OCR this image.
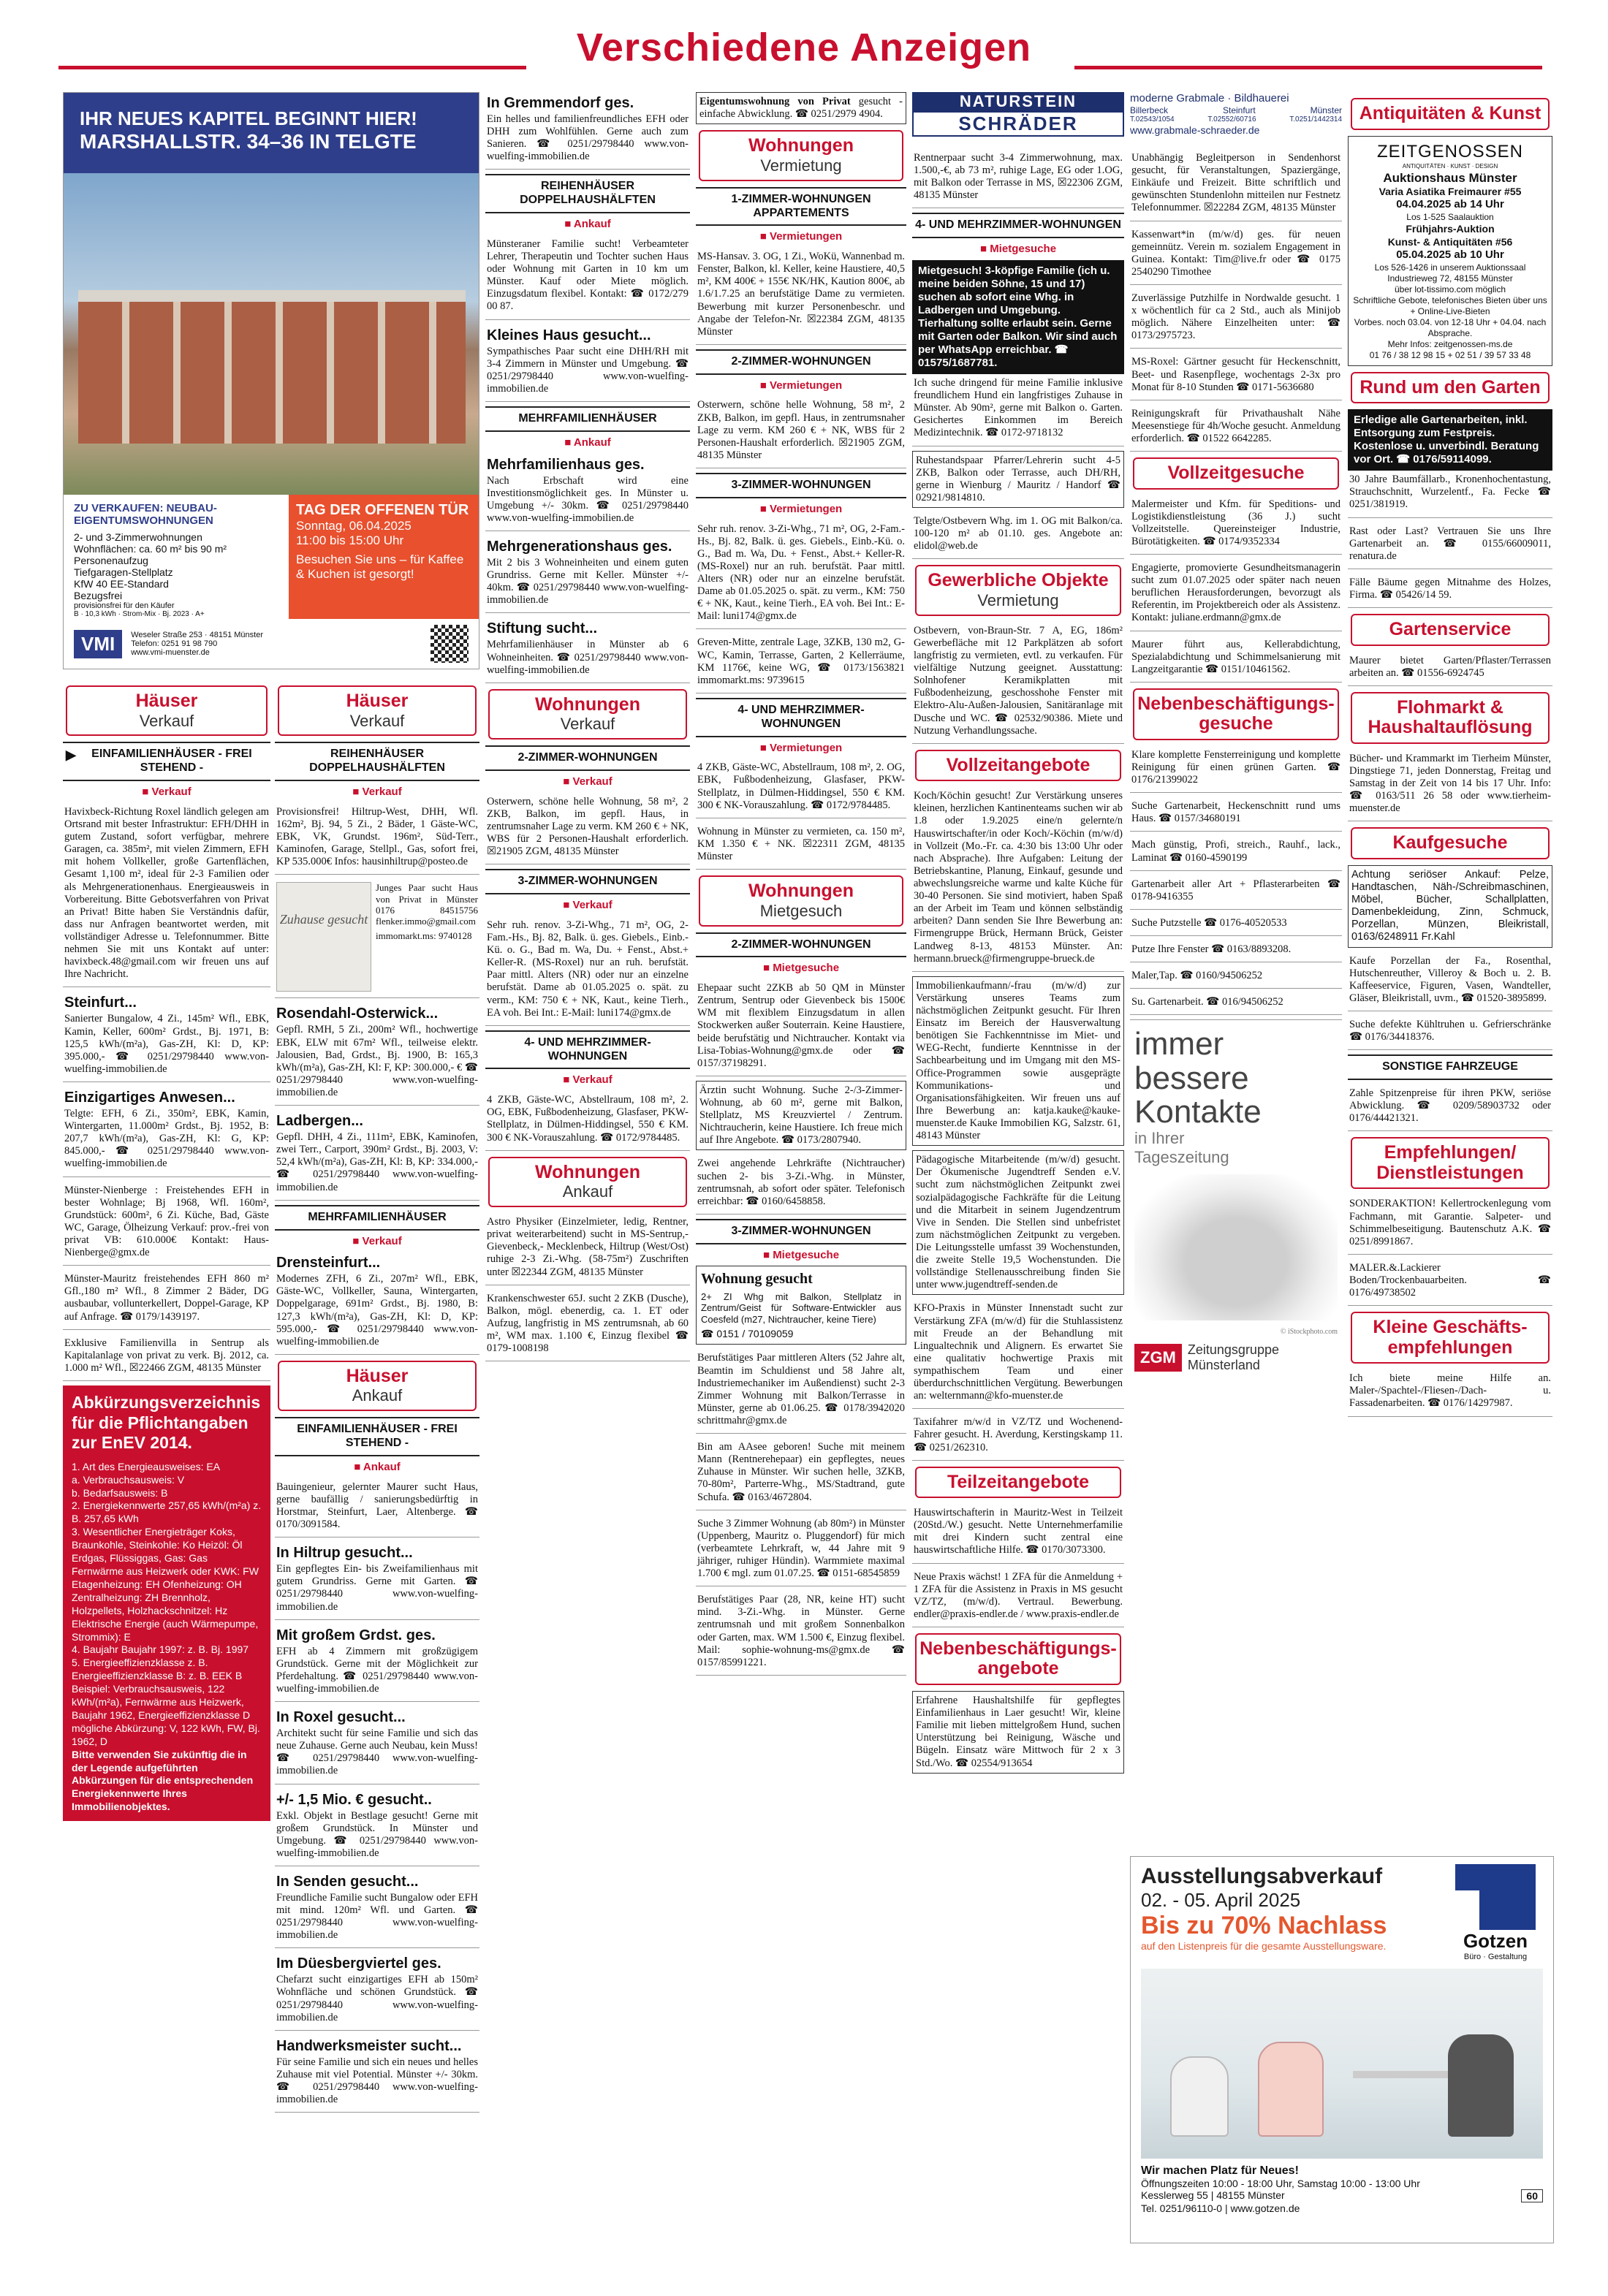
Verschiedene Anzeigen
IHR NEUES KAPITEL BEGINNT HIER!
MARSHALLSTR. 34–36 IN TELGTE
ZU VERKAUFEN: NEUBAU-EIGENTUMSWOHNUNGEN
2- und 3-Zimmerwohnungen
Wohnflächen: ca. 60 m² bis 90 m²
Personenaufzug
Tiefgaragen-Stellplatz
KfW 40 EE-Standard
Bezugsfrei
provisionsfrei für den Käufer
B · 10,3 kWh · Strom-Mix · Bj. 2023 · A+
TAG DER OFFENEN TÜR
Sonntag, 06.04.2025
11:00 bis 15:00 Uhr
Besuchen Sie uns – für Kaffee & Kuchen ist gesorgt!
VMI	Weseler Straße 253 · 48151 Münster
Telefon: 0251 91 98 790
www.vmi-muenster.de
Häuser
Verkauf
▶ EINFAMILIENHÄUSER - FREI STEHEND -
■ Verkauf
Havixbeck-Richtung Roxel ländlich gelegen am Ortsrand mit bester Infrastruktur: EFH/DHH in gutem Zustand, sofort verfügbar, mehrere Garagen, ca. 385m², mit vielen Zimmern, EFH mit hohem Vollkeller, große Gartenflächen, Gesamt 1,100 m², ideal für 2-3 Familien oder als Mehrgenerationenhaus. Energieausweis in Vorbereitung. Bitte Gebotsverfahren von Privat an Privat! Bitte haben Sie Verständnis dafür, dass nur Anfragen beantwortet werden, mit vollständiger Adresse u. Telefonnummer. Bitte nehmen Sie mit uns Kontakt auf unter: havixbeck.48@gmail.com wir freuen uns auf Ihre Nachricht.
Steinfurt...
Sanierter Bungalow, 4 Zi., 145m² Wfl., EBK, Kamin, Keller, 600m² Grdst., Bj. 1971, B: 125,5 kWh/(m²a), Gas-ZH, Kl: D, KP: 395.000,- ☎ 0251/29798440 www.von-wuelfing-immobilien.de
Einzigartiges Anwesen...
Telgte: EFH, 6 Zi., 350m², EBK, Kamin, Wintergarten, 11.000m² Grdst., Bj. 1952, B: 207,7 kWh/(m²a), Gas-ZH, Kl: G, KP: 845.000,- ☎ 0251/29798440 www.von-wuelfing-immobilien.de
Münster-Nienberge : Freistehendes EFH in bester Wohnlage; Bj 1968, Wfl. 160m², Grundstück: 600m², 6 Zi. Küche, Bad, Gäste WC, Garage, Ölheizung Verkauf: prov.-frei von privat VB: 610.000€ Kontakt: Haus-Nienberge@gmx.de
Münster-Mauritz freistehendes EFH 860 m² Gfl.,180 m² Wfl., 8 Zimmer 2 Bäder, DG ausbaubar, vollunterkellert, Doppel-Garage, KP auf Anfrage. ☎ 0179/1439197.
Exklusive Familienvilla in Sentrup als Kapitalanlage von privat zu verk. Bj. 2012, ca. 1.000 m² Wfl., ☒22466 ZGM, 48135 Münster
Abkürzungsverzeichnis für die Pflichtangaben zur EnEV 2014.
1. Art des Energieausweises: EA
a. Verbrauchsausweis: V
b. Bedarfsausweis: B
2. Energiekennwerte 257,65 kWh/(m²a) z. B. 257,65 kWh
3. Wesentlicher Energieträger Koks, Braunkohle, Steinkohle: Ko Heizöl: Öl Erdgas, Flüssiggas, Gas: Gas Fernwärme aus Heizwerk oder KWK: FW Etagenheizung: EH Ofenheizung: OH Zentralheizung: ZH Brennholz, Holzpellets, Holzhackschnitzel: Hz Elektrische Energie (auch Wärmepumpe, Strommix): E
4. Baujahr Baujahr 1997: z. B. Bj. 1997
5. Energieeffizienzklasse z. B. Energieeffizienzklasse B: z. B. EEK B
Beispiel: Verbrauchsausweis, 122 kWh/(m²a), Fernwärme aus Heizwerk, Baujahr 1962, Energieeffizienzklasse D mögliche Abkürzung: V, 122 kWh, FW, Bj. 1962, D
Bitte verwenden Sie zukünftig die in der Legende aufgeführten Abkürzungen für die entsprechenden Energiekennwerte Ihres Immobilienobjektes.
Häuser
Verkauf
REIHENHÄUSER DOPPELHAUSHÄLFTEN
■ Verkauf
Provisionsfrei! Hiltrup-West, DHH, Wfl. 162m², Bj. 94, 5 Zi., 2 Bäder, 1 Gäste-WC, EBK, VK, Grundst. 196m², Süd-Terr., Kaminofen, Garage, Stellpl., Gas, sofort frei, KP 535.000€ Infos: hausinhiltrup@posteo.de
Zuhause gesucht
Junges Paar sucht Haus von Privat in Münster 0176 84515756 flenker.immo@gmail.com
immomarkt.ms: 9740128
Rosendahl-Osterwick...
Gepfl. RMH, 5 Zi., 200m² Wfl., hochwertige EBK, ELW mit 67m² Wfl., teilweise elektr. Jalousien, Bad, Grdst., Bj. 1900, B: 165,3 kWh/(m²a), Gas-ZH, Kl: F, KP: 300.000,- € ☎ 0251/29798440 www.von-wuelfing-immobilien.de
Ladbergen...
Gepfl. DHH, 4 Zi., 111m², EBK, Kaminofen, zwei Terr., Carport, 390m² Grdst., Bj. 2003, V: 52,4 kWh/(m²a), Gas-ZH, Kl: B, KP: 334.000,- ☎ 0251/29798440 www.von-wuelfing-immobilien.de
MEHRFAMILIENHÄUSER
■ Verkauf
Drensteinfurt...
Modernes ZFH, 6 Zi., 207m² Wfl., EBK, Gäste-WC, Vollkeller, Sauna, Wintergarten, Doppelgarage, 691m² Grdst., Bj. 1980, B: 127,3 kWh/(m²a), Gas-ZH, Kl: D, KP: 595.000,- ☎ 0251/29798440 www.von-wuelfing-immobilien.de
Häuser
Ankauf
EINFAMILIENHÄUSER - FREI STEHEND -
■ Ankauf
Bauingenieur, gelernter Maurer sucht Haus, gerne baufällig / sanierungsbedürftig in Horstmar, Steinfurt, Laer, Altenberge. ☎ 0170/3091584.
In Hiltrup gesucht...
Ein gepflegtes Ein- bis Zweifamilienhaus mit gutem Grundriss. Gerne mit Garten. ☎ 0251/29798440 www.von-wuelfing-immobilien.de
Mit großem Grdst. ges.
EFH ab 4 Zimmern mit großzügigem Grundstück. Gerne mit der Möglichkeit zur Pferdehaltung. ☎ 0251/29798440 www.von-wuelfing-immobilien.de
In Roxel gesucht...
Architekt sucht für seine Familie und sich das neue Zuhause. Gerne auch Neubau, kein Muss! ☎ 0251/29798440 www.von-wuelfing-immobilien.de
+/- 1,5 Mio. € gesucht..
Exkl. Objekt in Bestlage gesucht! Gerne mit großem Grundstück. In Münster und Umgebung. ☎ 0251/29798440 www.von-wuelfing-immobilien.de
In Senden gesucht...
Freundliche Familie sucht Bungalow oder EFH mit mind. 120m² Wfl. und Garten. ☎ 0251/29798440 www.von-wuelfing-immobilien.de
Im Düesbergviertel ges.
Chefarzt sucht einzigartiges EFH ab 150m² Wohnfläche und schönen Grundstück. ☎ 0251/29798440 www.von-wuelfing-immobilien.de
Handwerksmeister sucht...
Für seine Familie und sich ein neues und helles Zuhause mit viel Potential. Münster +/- 30km. ☎ 0251/29798440 www.von-wuelfing-immobilien.de
In Gremmendorf ges.
Ein helles und familienfreundliches EFH oder DHH zum Wohlfühlen. Gerne auch zum Sanieren. ☎ 0251/29798440 www.von-wuelfing-immobilien.de
REIHENHÄUSER DOPPELHAUSHÄLFTEN
■ Ankauf
Münsteraner Familie sucht! Verbeamteter Lehrer, Therapeutin und Tochter suchen Haus oder Wohnung mit Garten in 10 km um Münster. Kauf oder Miete möglich. Einzugsdatum flexibel. Kontakt: ☎ 0172/279 00 87.
Kleines Haus gesucht...
Sympathisches Paar sucht eine DHH/RH mit 3-4 Zimmern in Münster und Umgebung. ☎ 0251/29798440 www.von-wuelfing-immobilien.de
MEHRFAMILIENHÄUSER
■ Ankauf
Mehrfamilienhaus ges.
Nach Erbschaft wird eine Investitionsmöglichkeit ges. In Münster u. Umgebung +/- 30km. ☎ 0251/29798440 www.von-wuelfing-immobilien.de
Mehrgenerationshaus ges.
Mit 2 bis 3 Wohneinheiten und einem guten Grundriss. Gerne mit Keller. Münster +/- 40km. ☎ 0251/29798440 www.von-wuelfing-immobilien.de
Stiftung sucht...
Mehrfamilienhäuser in Münster ab 6 Wohneinheiten. ☎ 0251/29798440 www.von-wuelfing-immobilien.de
Wohnungen
Verkauf
2-ZIMMER-WOHNUNGEN
■ Verkauf
Osterwern, schöne helle Wohnung, 58 m², 2 ZKB, Balkon, im gepfl. Haus, in zentrumsnaher Lage zu verm. KM 260 € + NK, WBS für 2 Personen-Haushalt erforderlich. ☒21905 ZGM, 48135 Münster
3-ZIMMER-WOHNUNGEN
■ Verkauf
Sehr ruh. renov. 3-Zi-Whg., 71 m², OG, 2-Fam.-Hs., Bj. 82, Balk. ü. ges. Giebels., Einb.-Kü. o. G., Bad m. Wa, Du. + Fenst., Abst.+ Keller-R. (MS-Roxel) nur an ruh. berufstät. Paar mittl. Alters (NR) oder nur an einzelne berufstät. Dame ab 01.05.2025 o. spät. zu verm., KM: 750 € + NK, Kaut., keine Tierh., EA voh. Bei Int.: E-Mail: luni174@gmx.de
4- UND MEHRZIMMER-WOHNUNGEN
■ Verkauf
4 ZKB, Gäste-WC, Abstellraum, 108 m², 2. OG, EBK, Fußbodenheizung, Glasfaser, PKW-Stellplatz, in Dülmen-Hiddingsel, 550 € KM. 300 € NK-Vorauszahlung. ☎ 0172/9784485.
Wohnungen
Ankauf
Astro Physiker (Einzelmieter, ledig, Rentner, privat weiterarbeitend) sucht in MS-Sentrup,-Gievenbeck,- Mecklenbeck, Hiltrup (West/Ost) ruhige 2-3 Zi.-Whg. (58-75m²) Zuschriften unter ☒22344 ZGM, 48135 Münster
Krankenschwester 65J. sucht 2 ZKB (Dusche), Balkon, mögl. ebenerdig, ca. 1. ET oder Aufzug, langfristig in MS zentrumsnah, ab 60 m², WM max. 1.100 €, Einzug flexibel ☎ 0179-1008198
Eigentumswohnung von Privat gesucht - einfache Abwicklung. ☎ 0251/2979 4904.
Wohnungen
Vermietung
1-ZIMMER-WOHNUNGEN APPARTEMENTS
■ Vermietungen
MS-Hansav. 3. OG, 1 Zi., WoKü, Wannenbad m. Fenster, Balkon, kl. Keller, keine Haustiere, 40,5 m², KM 400€ + 155€ NK/HK, Kaution 800€, ab 1.6/1.7.25 an berufstätige Dame zu vermieten. Bewerbung mit kurzer Personenbeschr. und Angabe der Telefon-Nr. ☒22384 ZGM, 48135 Münster
2-ZIMMER-WOHNUNGEN
■ Vermietungen
Osterwern, schöne helle Wohnung, 58 m², 2 ZKB, Balkon, im gepfl. Haus, in zentrumsnaher Lage zu verm. KM 260 € + NK, WBS für 2 Personen-Haushalt erforderlich. ☒21905 ZGM, 48135 Münster
3-ZIMMER-WOHNUNGEN
■ Vermietungen
Sehr ruh. renov. 3-Zi-Whg., 71 m², OG, 2-Fam.-Hs., Bj. 82, Balk. ü. ges. Giebels., Einb.-Kü. o. G., Bad m. Wa, Du. + Fenst., Abst.+ Keller-R. (MS-Roxel) nur an ruh. berufstät. Paar mittl. Alters (NR) oder nur an einzelne berufstät. Dame ab 01.05.2025 o. spät. zu verm., KM: 750 € + NK, Kaut., keine Tierh., EA voh. Bei Int.: E-Mail: luni174@gmx.de
Greven-Mitte, zentrale Lage, 3ZKB, 130 m2, G-WC, Kamin, Terrasse, Garten, 2 Kellerräume, KM 1176€, keine WG, ☎ 0173/1563821 immomarkt.ms: 9739615
4- UND MEHRZIMMER-WOHNUNGEN
■ Vermietungen
4 ZKB, Gäste-WC, Abstellraum, 108 m², 2. OG, EBK, Fußbodenheizung, Glasfaser, PKW-Stellplatz, in Dülmen-Hiddingsel, 550 € KM. 300 € NK-Vorauszahlung. ☎ 0172/9784485.
Wohnung in Münster zu vermieten, ca. 150 m², KM 1.350 € + NK. ☒22311 ZGM, 48135 Münster
Wohnungen
Mietgesuch
2-ZIMMER-WOHNUNGEN
■ Mietgesuche
Ehepaar sucht 2ZKB ab 50 QM in Münster Zentrum, Sentrup oder Gievenbeck bis 1500€ WM mit flexiblem Einzugsdatum in allen Stockwerken außer Souterrain. Keine Haustiere, beide berufstätig und Nichtraucher. Kontakt via Lisa-Tobias-Wohnung@gmx.de oder ☎ 0157/37198291.
Ärztin sucht Wohnung. Suche 2-/3-Zimmer-Wohnung, ab 60 m², gerne mit Balkon, Stellplatz, MS Kreuzviertel / Zentrum. Nichtraucherin, keine Haustiere. Ich freue mich auf Ihre Angebote. ☎ 0173/2807940.
Zwei angehende Lehrkräfte (Nichtraucher) suchen 2- bis 3-Zi.-Whg. in Münster, zentrumsnah, ab sofort oder später. Telefonisch erreichbar: ☎ 0160/6458858.
3-ZIMMER-WOHNUNGEN
■ Mietgesuche
Wohnung gesucht
2+ ZI Whg mit Balkon, Stellplatz in Zentrum/Geist für Software-Entwickler aus Coesfeld (m27, Nichtraucher, keine Tiere)
☎ 0151 / 70109059
Berufstätiges Paar mittleren Alters (52 Jahre alt, Beamtin im Schuldienst und 58 Jahre alt, Industriemechaniker im Außendienst) sucht 2-3 Zimmer Wohnung mit Balkon/Terrasse in Münster, gerne ab 01.06.25. ☎ 0178/3942020 schrittmahr@gmx.de
Bin am AAsee geboren! Suche mit meinem Mann (Rentnerehepaar) ein gepflegtes, neues Zuhause in Münster. Wir suchen helle, 3ZKB, 70-80m², Parterre-Whg., MS/Stadtrand, gute Schufa. ☎ 0163/4672804.
Suche 3 Zimmer Wohnung (ab 80m²) in Münster (Uppenberg, Mauritz o. Pluggendorf) für mich (verbeamtete Lehrkraft, w, 44 Jahre mit 9 jähriger, ruhiger Hündin). Warmmiete maximal 1.700 € mgl. zum 01.07.25. ☎ 0151-68545859
Berufstätiges Paar (28, NR, keine HT) sucht mind. 3-Zi.-Whg. in Münster. Gerne zentrumsnah und mit großem Sonnenbalkon oder Garten, max. WM 1.500 €, Einzug flexibel. Mail: sophie-wohnung-ms@gmx.de ☎ 0157/85991221.
NATURSTEIN
SCHRÄDER
Rentnerpaar sucht 3-4 Zimmerwohnung, max. 1.500,-€, ab 73 m², ruhige Lage, EG oder 1.OG, mit Balkon oder Terrasse in MS, ☒22306 ZGM, 48135 Münster
4- UND MEHRZIMMER-WOHNUNGEN
■ Mietgesuche
Mietgesuch! 3-köpfige Familie (ich u. meine beiden Söhne, 15 und 17) suchen ab sofort eine Whg. in Ladbergen und Umgebung. Tierhaltung sollte erlaubt sein. Gerne mit Garten oder Balkon. Wir sind auch per WhatsApp erreichbar. ☎ 01575/1687781.
Ich suche dringend für meine Familie inklusive freundlichem Hund ein langfristiges Zuhause in Münster. Ab 90m², gerne mit Balkon o. Garten. Gesichertes Einkommen im Bereich Medizintechnik. ☎ 0172-9718132
Ruhestandspaar Pfarrer/Lehrerin sucht 4-5 ZKB, Balkon oder Terrasse, auch DH/RH, gerne in Wienburg / Mauritz / Handorf ☎ 02921/9814810.
Telgte/Ostbevern Whg. im 1. OG mit Balkon/ca. 100-120 m² ab 01.10. ges. Angebote an: elidol@web.de
Gewerbliche Objekte
Vermietung
Ostbevern, von-Braun-Str. 7 A, EG, 186m² Gewerbefläche mit 12 Parkplätzen ab sofort langfristig zu vermieten, evtl. zu verkaufen. Für vielfältige Nutzung geeignet. Ausstattung: Solnhofener Keramikplatten mit Fußbodenheizung, geschosshohe Fenster mit Elektro-Alu-Außen-Jalousien, Sanitäranlage mit Dusche und WC. ☎ 02532/90386. Miete und Nutzung Verhandlungssache.
Vollzeitangebote
Koch/Köchin gesucht! Zur Verstärkung unseres kleinen, herzlichen Kantinenteams suchen wir ab 1.8 oder 1.9.2025 eine/n gelernte/n Hauswirtschafter/in oder Koch/-Köchin (m/w/d) in Vollzeit (Mo.-Fr. ca. 4:30 bis 13:00 Uhr oder nach Absprache). Ihre Aufgaben: Leitung der Betriebskantine, Planung, Einkauf, gesunde und abwechslungsreiche warme und kalte Küche für 30-40 Personen. Sie sind motiviert, haben Spaß an der Arbeit im Team und können selbständig arbeiten? Dann senden Sie Ihre Bewerbung an: Firmengruppe Brück, Hermann Brück, Geister Landweg 8-13, 48153 Münster. An: hermann.brueck@firmengruppe-brueck.de
Immobilienkaufmann/-frau (m/w/d) zur Verstärkung unseres Teams zum nächstmöglichen Zeitpunkt gesucht. Für Ihren Einsatz im Bereich der Hausverwaltung benötigen Sie Fachkenntnisse im Miet- und WEG-Recht, fundierte Kenntnisse in der Sachbearbeitung und im Umgang mit den MS-Office-Programmen sowie ausgeprägte Kommunikations- und Organisationsfähigkeiten. Wir freuen uns auf Ihre Bewerbung an: katja.kauke@kauke-muenster.de Kauke Immobilien KG, Salzstr. 61, 48143 Münster
Pädagogische Mitarbeitende (m/w/d) gesucht. Der Ökumenische Jugendtreff Senden e.V. sucht zum nächstmöglichen Zeitpunkt zwei sozialpädagogische Fachkräfte für die Leitung und die Mitarbeit in seinem Jugendzentrum Vive in Senden. Die Stellen sind unbefristet zum nächstmöglichen Zeitpunkt zu vergeben. Die Leitungsstelle umfasst 39 Wochenstunden, die zweite Stelle 19,5 Wochenstunden. Die vollständige Stellenausschreibung finden Sie unter www.jugendtreff-senden.de
KFO-Praxis in Münster Innenstadt sucht zur Verstärkung ZFA (m/w/d) für die Stuhlassistenz mit Freude an der Behandlung mit Lingualtechnik und Alignern. Es erwartet Sie eine qualitativ hochwertige Praxis mit sympathischem Team und einer überdurchschnittlichen Vergütung. Bewerbungen an: welternmann@kfo-muenster.de
Taxifahrer m/w/d in VZ/TZ und Wochenend-Fahrer gesucht. H. Averdung, Kerstingskamp 11. ☎ 0251/262310.
Teilzeitangebote
Hauswirtschafterin in Mauritz-West in Teilzeit (20Std./W.) gesucht. Nette Unternehmerfamilie mit drei Kindern sucht zentral eine hauswirtschaftliche Hilfe. ☎ 0170/3073300.
Neue Praxis wächst! 1 ZFA für die Anmeldung + 1 ZFA für die Assistenz in Praxis in MS gesucht VZ/TZ, (m/w/d). Vertraul. Bewerbung. endler@praxis-endler.de / www.praxis-endler.de
Nebenbeschäftigungs-angebote
Erfahrene Haushaltshilfe für gepflegtes Einfamilienhaus in Laer gesucht! Wir, kleine Familie mit lieben mittelgroßem Hund, suchen Unterstützung bei Reinigung, Wäsche und Bügeln. Einsatz wäre Mittwoch für 2 x 3 Std./Wo. ☎ 02554/913654
moderne Grabmale · Bildhauerei
Billerbeck	Steinfurt	Münster
T.02543/1054	T.02552/60716	T.0251/1442314
www.grabmale-schraeder.de
Unabhängig Begleitperson in Sendenhorst gesucht, für Veranstaltungen, Spaziergänge, Einkäufe und Freizeit. Bitte schriftlich und gewünschten Stundenlohn mitteilen nur Festnetz Telefonnummer. ☒22284 ZGM, 48135 Münster
Kassenwart*in (m/w/d) ges. für neuen gemeinnütz. Verein m. sozialem Engagement in Guinea. Kontakt: Tim@live.fr oder ☎ 0175 2540290 Timothee
Zuverlässige Putzhilfe in Nordwalde gesucht. 1 x wöchentlich für ca 2 Std., auch als Minijob möglich. Nähere Einzelheiten unter: ☎ 0173/2975723.
MS-Roxel: Gärtner gesucht für Heckenschnitt, Beet- und Rasenpflege, wochentags 2-3x pro Monat für 8-10 Stunden ☎ 0171-5636680
Reinigungskraft für Privathaushalt Nähe Meesenstiege für 4h/Woche gesucht. Anmeldung erforderlich. ☎ 01522 6642285.
Vollzeitgesuche
Malermeister und Kfm. für Speditions- und Logistikdienstleistung (36 J.) sucht Vollzeitstelle. Quereinsteiger Industrie, Bürotätigkeiten. ☎ 0174/9352334
Engagierte, promovierte Gesundheitsmanagerin sucht zum 01.07.2025 oder später nach neuen beruflichen Herausforderungen, bevorzugt als Referentin, im Projektbereich oder als Assistenz. Kontakt: juliane.erdmann@gmx.de
Maurer führt aus, Kellerabdichtung, Spezialabdichtung und Schimmelsanierung mit Langzeitgarantie ☎ 0151/10461562.
Nebenbeschäftigungs-gesuche
Klare komplette Fensterreinigung und komplette Reinigung für einen grünen Garten. ☎ 0176/21399022
Suche Gartenarbeit, Heckenschnitt rund ums Haus. ☎ 0157/34680191
Mach günstig, Profi, streich., Rauhf., lack., Laminat ☎ 0160-4590199
Gartenarbeit aller Art + Pflasterarbeiten ☎ 0178-9416355
Suche Putzstelle ☎ 0176-40520533
Putze Ihre Fenster ☎ 0163/8893208.
Maler,Tap. ☎ 0160/94506252
Su. Gartenarbeit. ☎ 016/94506252
immer
bessere
Kontakte
in Ihrer
Tageszeitung
© iStockphoto.com
ZGM Zeitungsgruppe
Münsterland
Antiquitäten & Kunst
ZEITGENOSSEN
ANTIQUITÄTEN · KUNST · DESIGN
Auktionshaus Münster
Varia Asiatika Freimaurer #55
04.04.2025 ab 14 Uhr
Los 1-525 Saalauktion
Frühjahrs-Auktion
Kunst- & Antiquitäten #56
05.04.2025 ab 10 Uhr
Los 526-1426 in unserem Auktionssaal
Industrieweg 72, 48155 Münster
über lot-tissimo.com möglich
Schriftliche Gebote, telefonisches Bieten über uns + Online-Live-Bieten
Vorbes. noch 03.04. von 12-18 Uhr + 04.04. nach Absprache.
Mehr Infos: zeitgenossen-ms.de
01 76 / 38 12 98 15 + 02 51 / 39 57 33 48
Rund um den Garten
Erledige alle Gartenarbeiten, inkl. Entsorgung zum Festpreis. Kostenlose u. unverbindl. Beratung vor Ort. ☎ 0176/59114099.
30 Jahre Baumfällarb., Kronenhochentastung, Strauchschnitt, Wurzelentf., Fa. Fecke ☎ 0251/381919.
Rast oder Last? Vertrauen Sie uns Ihre Gartenarbeit an. ☎ 0155/66009011, renatura.de
Fälle Bäume gegen Mitnahme des Holzes, Firma. ☎ 05426/14 59.
Gartenservice
Maurer bietet Garten/Pflaster/Terrassen arbeiten an. ☎ 01556-6924745
Flohmarkt & Haushaltauflösung
Bücher- und Krammarkt im Tierheim Münster, Dingstiege 71, jeden Donnerstag, Freitag und Samstag in der Zeit von 14 bis 17 Uhr. Info: ☎ 0163/511 26 58 oder www.tierheim-muenster.de
Kaufgesuche
Achtung seriöser Ankauf: Pelze, Handtaschen, Näh-/Schreibmaschinen, Möbel, Bücher, Schallplatten, Damenbekleidung, Zinn, Schmuck, Porzellan, Münzen, Bleikristall, 0163/6248911 Fr.Kahl
Kaufe Porzellan der Fa., Rosenthal, Hutschenreuther, Villeroy & Boch u. 2. B. Kaffeeservice, Figuren, Vasen, Wandteller, Gläser, Bleikristall, uvm., ☎ 01520-3895899.
Suche defekte Kühltruhen u. Gefrierschränke ☎ 0176/34418376.
SONSTIGE FAHRZEUGE
Zahle Spitzenpreise für ihren PKW, seriöse Abwicklung. ☎ 0209/58903732 oder 0176/44421321.
Empfehlungen/ Dienstleistungen
SONDERAKTION! Kellertrockenlegung vom Fachmann, mit Garantie. Salpeter- und Schimmelbeseitigung. Bautenschutz A.K. ☎ 0251/8991867.
MALER.&.Lackierer Boden/Trockenbauarbeiten. ☎ 0176/49738502
Kleine Geschäfts-empfehlungen
Ich biete meine Hilfe an. Maler-/Spachtel-/Fliesen-/Dach- u. Fassadenarbeiten. ☎ 0176/14297987.
Ausstellungsabverkauf
02. - 05. April 2025
Bis zu 70% Nachlass
auf den Listenpreis für die gesamte Ausstellungsware.	Gotzen
Büro · Gestaltung
Wir machen Platz für Neues!
Öffnungszeiten 10:00 - 18:00 Uhr, Samstag 10:00 - 13:00 Uhr
Kesslerweg 55 | 48155 Münster	60
Tel. 0251/96110-0 | www.gotzen.de
